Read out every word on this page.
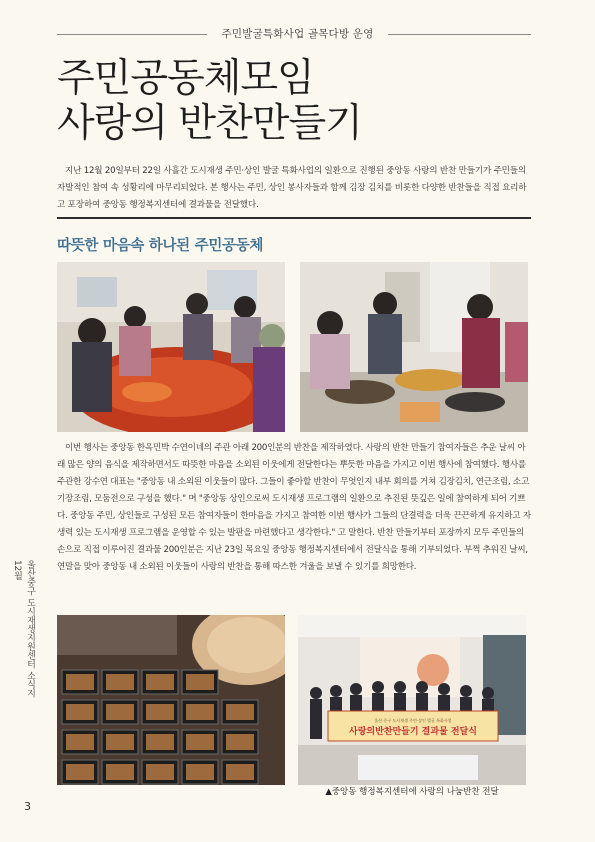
주민발굴특화사업 골목다방 운영
주민공동체모임
사랑의 반찬만들기

지난 12월 20일부터 22일 사흘간 도시재생 주민·상인 발굴 특화사업의 일환으로 진행된 중앙동 사랑의 반찬 만들기가 주민들의 자발적인 참여 속 성황리에 마무리되었다. 본 행사는 주민, 상인 봉사자들과 함께 김장 김치를 비롯한 다양한 반찬들을 직접 요리하고 포장하여 중앙동 행정복지센터에 결과물을 전달했다.

따뜻한 마음속 하나된 주민공동체

이번 행사는 중앙동 한옥민박 수연이네의 주관 아래 200인분의 반찬을 제작하였다. 사랑의 반찬 만들기 참여자들은 추운 날씨 아래 많은 양의 음식을 제작하면서도 따뜻한 마음을 소외된 이웃에게 전달한다는 뿌듯한 마음을 가지고 이번 행사에 참여했다. 행사를 주관한 강수연 대표는 "중앙동 내 소외된 이웃들이 많다. 그들이 좋아할 반찬이 무엇인지 내부 회의를 거쳐 김장김치, 연근조림, 소고기장조림, 모둠전으로 구성을 했다." 며 "중앙동 상인으로써 도시재생 프로그램의 일환으로 추진된 뜻깊은 일에 참여하게 되어 기쁘다. 중앙동 주민, 상인들로 구성된 모든 참여자들이 한마음을 가지고 참여한 이번 행사가 그들의 단결력을 더욱 끈끈하게 유지하고 자생력 있는 도시재생 프로그램을 운영할 수 있는 발판을 마련했다고 생각한다." 고 말한다. 반찬 만들기부터 포장까지 모두 주민들의 손으로 직접 이루어진 결과물 200인분은 지난 23일 목요일 중앙동 행정복지센터에서 전달식을 통해 기부되었다. 부쩍 추워진 날씨, 연말을 맞아 중앙동 내 소외된 이웃들이 사랑의 반찬을 통해 따스한 겨울을 보낼 수 있기를 희망한다.

울산 중구 도시재생 주민·상인 발굴 특화사업
사랑의반찬만들기 결과물 전달식
▲중앙동 행정복지센터에 사랑의 나눔반찬 전달
울산중구 도시재생지원센터 소식지 12월
3
